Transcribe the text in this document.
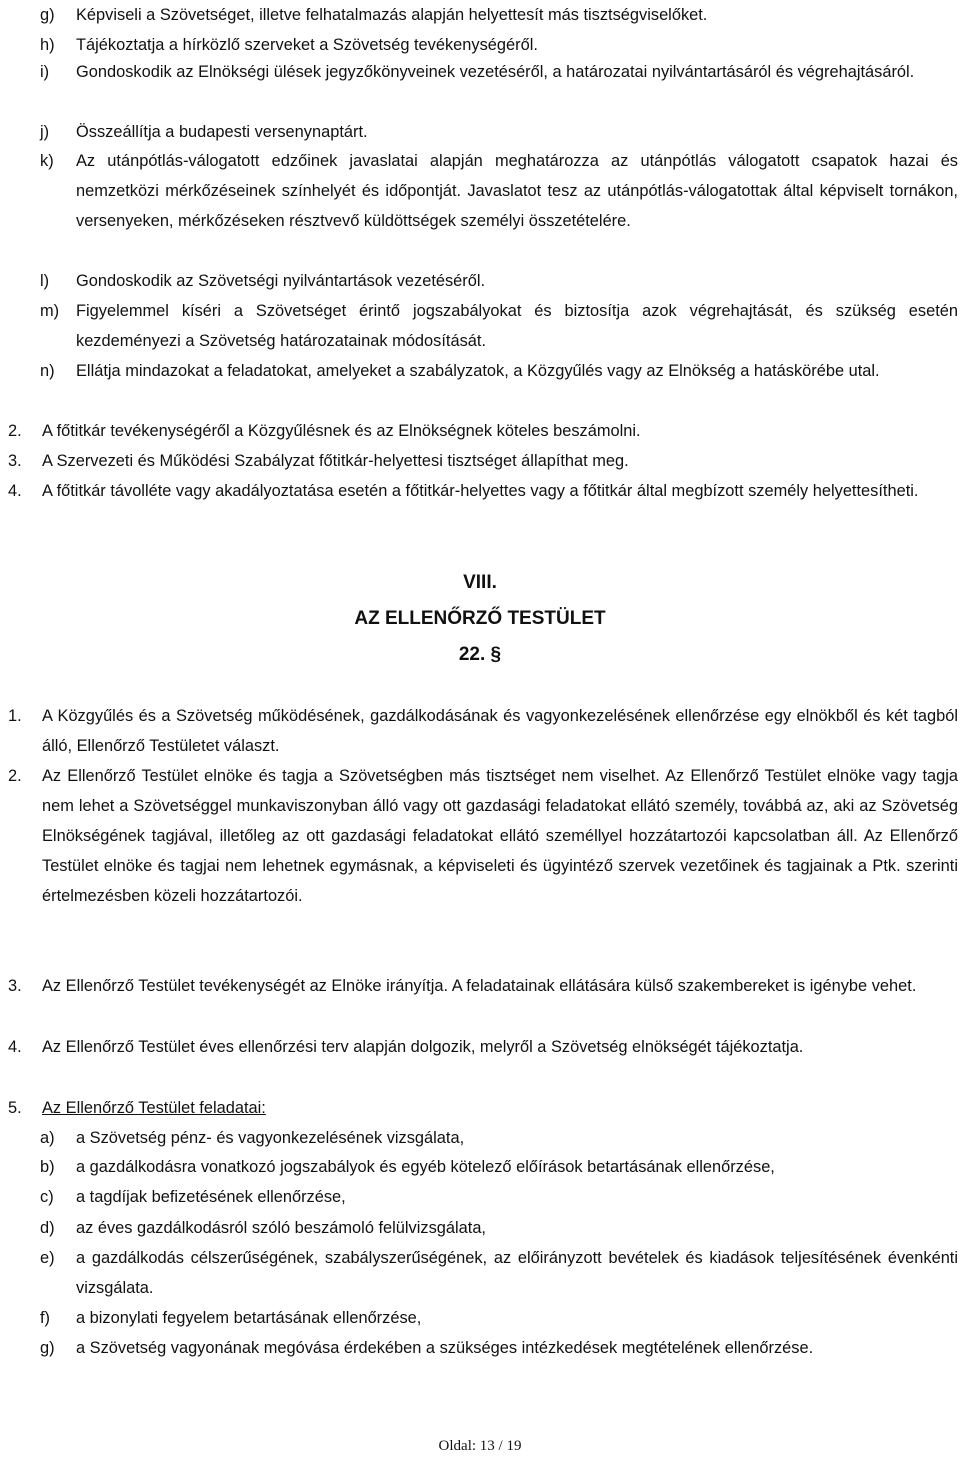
g) Képviseli a Szövetséget, illetve felhatalmazás alapján helyettesít más tisztségviselőket.
h) Tájékoztatja a hírközlő szerveket a Szövetség tevékenységéről.
i) Gondoskodik az Elnökségi ülések jegyzőkönyveinek vezetéséről, a határozatai nyilvántartásáról és végrehajtásáról.
j) Összeállítja a budapesti versenynaptárt.
k) Az utánpótlás-válogatott edzőinek javaslatai alapján meghatározza az utánpótlás válogatott csapatok hazai és nemzetközi mérkőzéseinek színhelyét és időpontját. Javaslatot tesz az utánpótlás-válogatottak által képviselt tornákon, versenyeken, mérkőzéseken résztvevő küldöttségek személyi összetételére.
l) Gondoskodik az Szövetségi nyilvántartások vezetéséről.
m) Figyelemmel kíséri a Szövetséget érintő jogszabályokat és biztosítja azok végrehajtását, és szükség esetén kezdeményezi a Szövetség határozatainak módosítását.
n) Ellátja mindazokat a feladatokat, amelyeket a szabályzatok, a Közgyűlés vagy az Elnökség a hatáskörébe utal.
2. A főtitkár tevékenységéről a Közgyűlésnek és az Elnökségnek köteles beszámolni.
3. A Szervezeti és Működési Szabályzat főtitkár-helyettesi tisztséget állapíthat meg.
4. A főtitkár távolléte vagy akadályoztatása esetén a főtitkár-helyettes vagy a főtitkár által megbízott személy helyettesítheti.
VIII.
AZ ELLENŐRZŐ TESTÜLET
22. §
1. A Közgyűlés és a Szövetség működésének, gazdálkodásának és vagyonkezelésének ellenőrzése egy elnökből és két tagból álló, Ellenőrző Testületet választ.
2. Az Ellenőrző Testület elnöke és tagja a Szövetségben más tisztséget nem viselhet. Az Ellenőrző Testület elnöke vagy tagja nem lehet a Szövetséggel munkaviszonyban álló vagy ott gazdasági feladatokat ellátó személy, továbbá az, aki az Szövetség Elnökségének tagjával, illetőleg az ott gazdasági feladatokat ellátó személlyel hozzátartozói kapcsolatban áll. Az Ellenőrző Testület elnöke és tagjai nem lehetnek egymásnak, a képviseleti és ügyintéző szervek vezetőinek és tagjainak a Ptk. szerinti értelmezésben közeli hozzátartozói.
3. Az Ellenőrző Testület tevékenységét az Elnöke irányítja. A feladatainak ellátására külső szakembereket is igénybe vehet.
4. Az Ellenőrző Testület éves ellenőrzési terv alapján dolgozik, melyről a Szövetség elnökségét tájékoztatja.
5. Az Ellenőrző Testület feladatai:
a) a Szövetség pénz- és vagyonkezelésének vizsgálata,
b) a gazdálkodásra vonatkozó jogszabályok és egyéb kötelező előírások betartásának ellenőrzése,
c) a tagdíjak befizetésének ellenőrzése,
d) az éves gazdálkodásról szóló beszámoló felülvizsgálata,
e) a gazdálkodás célszerűségének, szabályszerűségének, az előirányzott bevételek és kiadások teljesítésének évenkénti vizsgálata.
f) a bizonylati fegyelem betartásának ellenőrzése,
g) a Szövetség vagyonának megóvása érdekében a szükséges intézkedések megtételének ellenőrzése.
Oldal: 13 / 19
